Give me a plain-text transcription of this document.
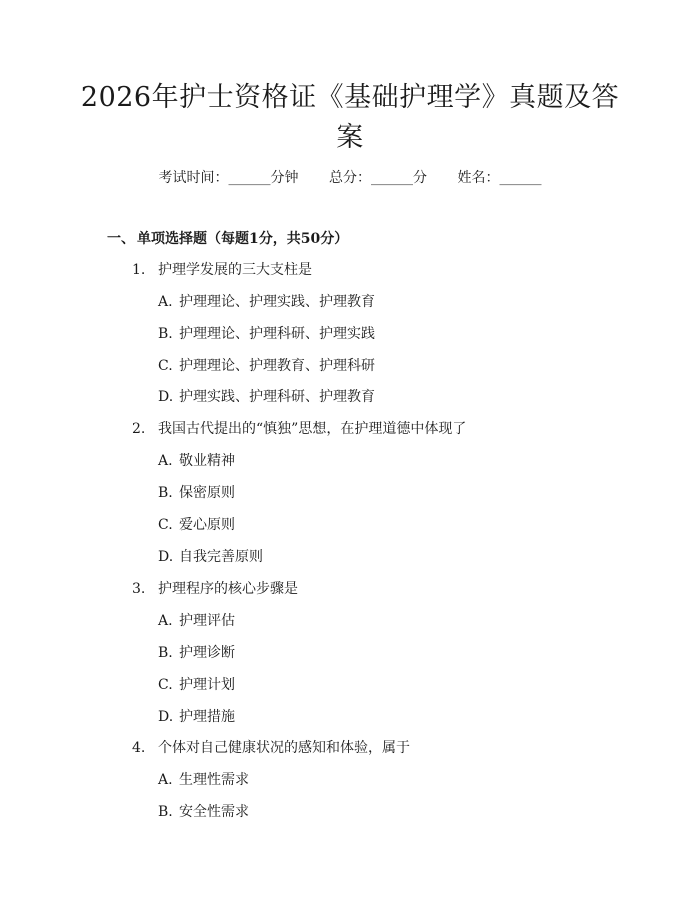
2026年护士资格证《基础护理学》真题及答
案
考试时间：______分钟 总分：______分 姓名：______
一、 单项选择题（每题1分，共50分）
1. 护理学发展的三大支柱是
A. 护理理论、护理实践、护理教育
B. 护理理论、护理科研、护理实践
C. 护理理论、护理教育、护理科研
D. 护理实践、护理科研、护理教育
2. 我国古代提出的“慎独”思想，在护理道德中体现了
A. 敬业精神
B. 保密原则
C. 爱心原则
D. 自我完善原则
3. 护理程序的核心步骤是
A. 护理评估
B. 护理诊断
C. 护理计划
D. 护理措施
4. 个体对自己健康状况的感知和体验，属于
A. 生理性需求
B. 安全性需求
